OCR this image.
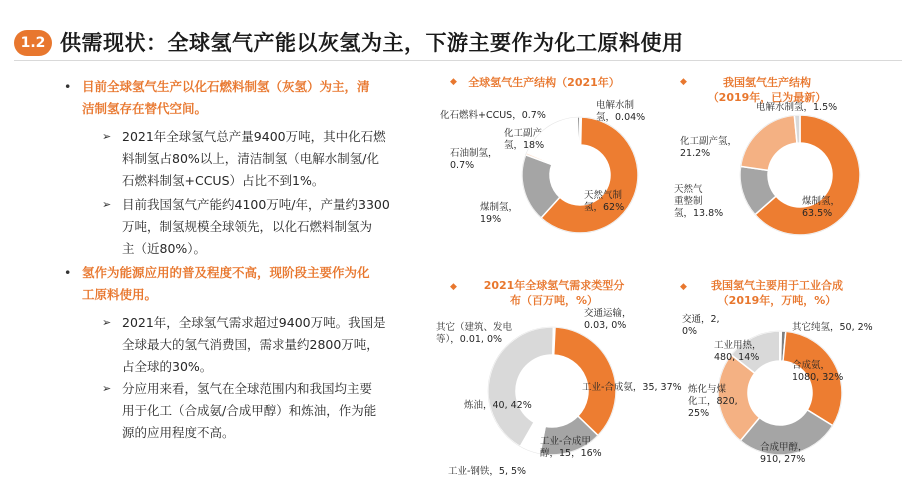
1.2 供需现状：全球氢气产能以灰氢为主，下游主要作为化工原料使用
• 目前全球氢气生产以化石燃料制氢（灰氢）为主，清
洁制氢存在替代空间。
➢ 2021年全球氢气总产量9400万吨，其中化石燃
料制氢占80%以上，清洁制氢（电解水制氢/化
石燃料制氢+CCUS）占比不到1%。
➢ 目前我国氢气产能约4100万吨/年，产量约3300
万吨，制氢规模全球领先，以化石燃料制氢为
主（近80%）。
• 氢作为能源应用的普及程度不高，现阶段主要作为化
工原料使用。
➢ 2021年，全球氢气需求超过9400万吨。我国是
全球最大的氢气消费国，需求量约2800万吨，
占全球的30%。
➢ 分应用来看，氢气在全球范围内和我国均主要
用于化工（合成氨/合成甲醇）和炼油，作为能
源的应用程度不高。
◆	全球氢气生产结构（2021年）
化石燃料+CCUS，0.7%
电解水制
氢，0.04%
化工副产
氢，18%
石油制氢，
0.7%
煤制氢，
19%
天然气制
氢，62%
◆	我国氢气生产结构
（2019年，已为最新）
电解水制氢，1.5%
化工副产氢，
21.2%
天然气
重整制
氢，13.8%
煤制氢，
63.5%
◆	2021年全球氢气需求类型分
布（百万吨，%）
交通运输，
0.03, 0%
其它（建筑、发电
等），0.01, 0%
工业-合成氨，35, 37%
炼油，40, 42%
工业-合成甲
醇，15，16%
工业-钢铁，5, 5%
◆	我国氢气主要用于工业合成
（2019年，万吨，%）
交通，2,
0%	其它纯氢，50, 2%
工业用热，
480, 14%
合成氨，
1080, 32%
炼化与煤
化工，820,
25%
合成甲醇，
910, 27%
